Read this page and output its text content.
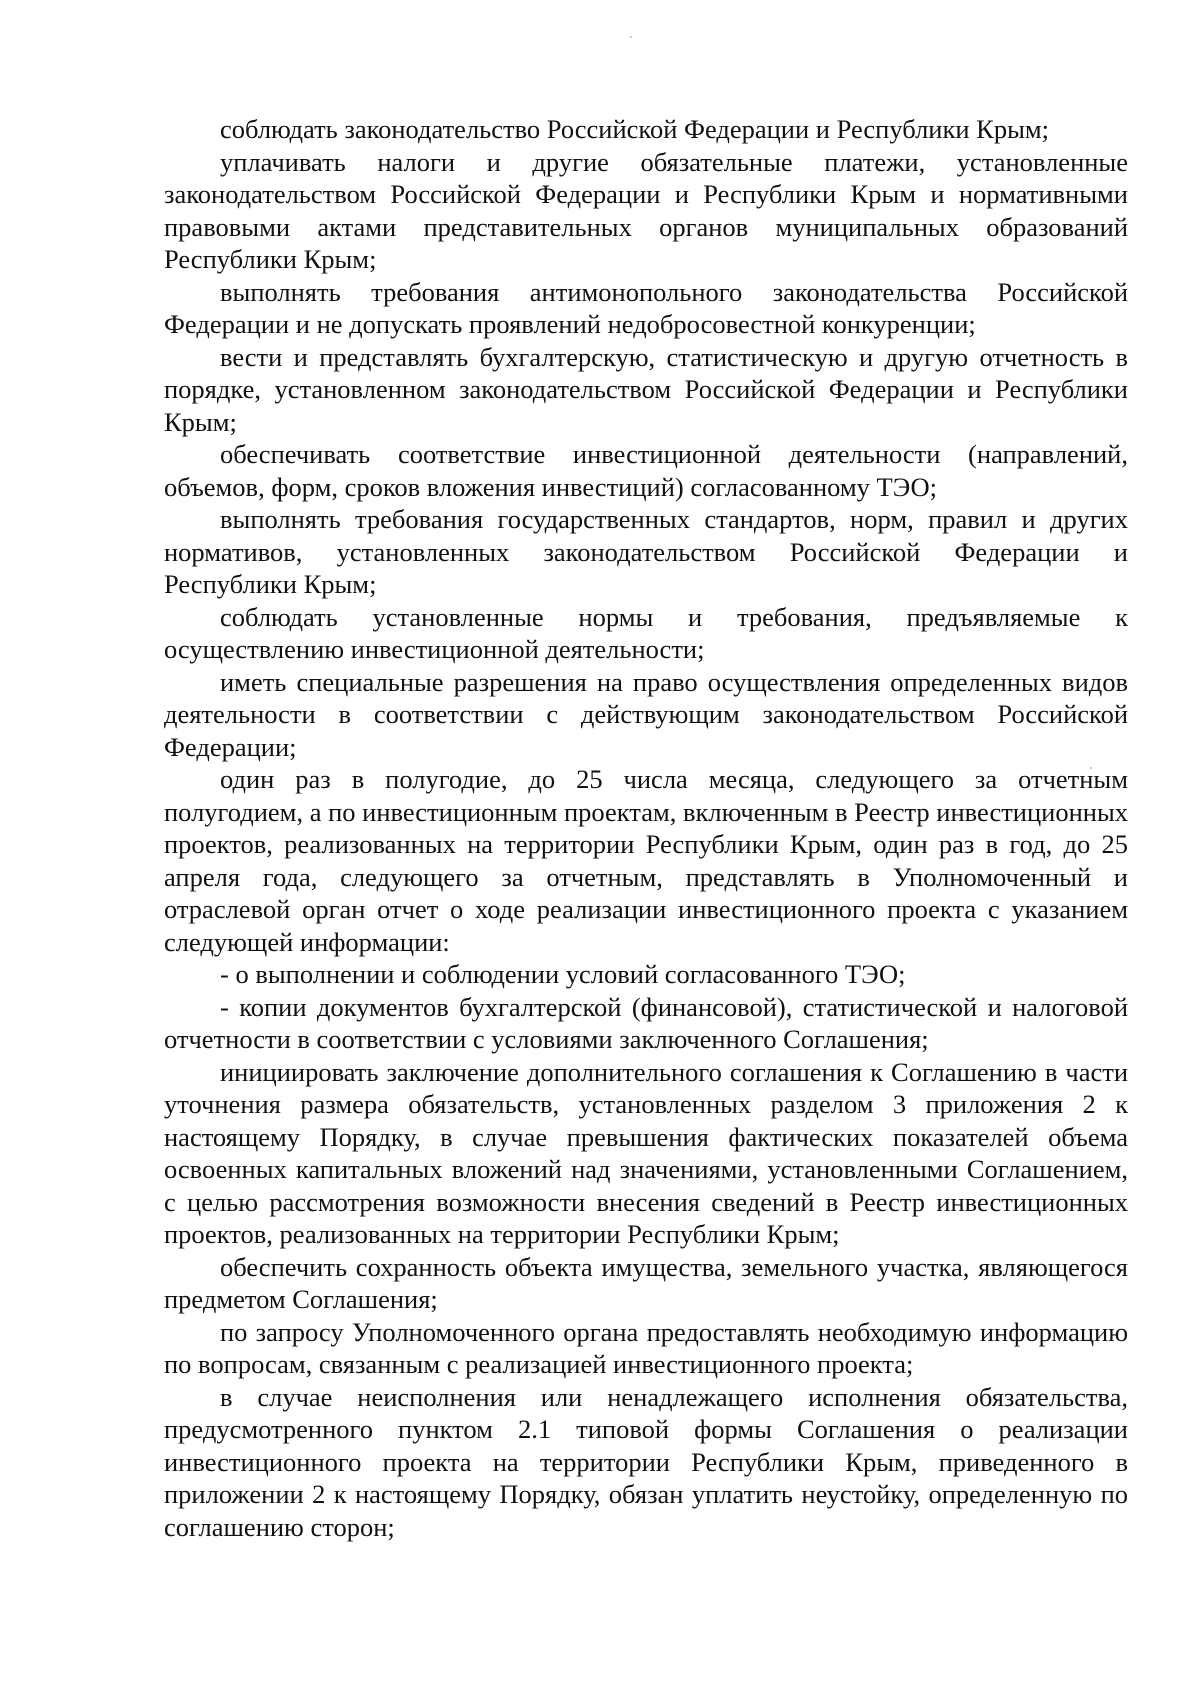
соблюдать законодательство Российской Федерации и Республики Крым;

уплачивать налоги и другие обязательные платежи, установленные законодательством Российской Федерации и Республики Крым и нормативными правовыми актами представительных органов муниципальных образований Республики Крым;

выполнять требования антимонопольного законодательства Российской Федерации и не допускать проявлений недобросовестной конкуренции;

вести и представлять бухгалтерскую, статистическую и другую отчетность в порядке, установленном законодательством Российской Федерации и Республики Крым;

обеспечивать соответствие инвестиционной деятельности (направлений, объемов, форм, сроков вложения инвестиций) согласованному ТЭО;

выполнять требования государственных стандартов, норм, правил и других нормативов, установленных законодательством Российской Федерации и Республики Крым;

соблюдать установленные нормы и требования, предъявляемые к осуществлению инвестиционной деятельности;

иметь специальные разрешения на право осуществления определенных видов деятельности в соответствии с действующим законодательством Российской Федерации;

один раз в полугодие, до 25 числа месяца, следующего за отчетным полугодием, а по инвестиционным проектам, включенным в Реестр инвестиционных проектов, реализованных на территории Республики Крым, один раз в год, до 25 апреля года, следующего за отчетным, представлять в Уполномоченный и отраслевой орган отчет о ходе реализации инвестиционного проекта с указанием следующей информации:

- о выполнении и соблюдении условий согласованного ТЭО;

- копии документов бухгалтерской (финансовой), статистической и налоговой отчетности в соответствии с условиями заключенного Соглашения;

инициировать заключение дополнительного соглашения к Соглашению в части уточнения размера обязательств, установленных разделом 3 приложения 2 к настоящему Порядку, в случае превышения фактических показателей объема освоенных капитальных вложений над значениями, установленными Соглашением, с целью рассмотрения возможности внесения сведений в Реестр инвестиционных проектов, реализованных на территории Республики Крым;

обеспечить сохранность объекта имущества, земельного участка, являющегося предметом Соглашения;

по запросу Уполномоченного органа предоставлять необходимую информацию по вопросам, связанным с реализацией инвестиционного проекта;

в случае неисполнения или ненадлежащего исполнения обязательства, предусмотренного пунктом 2.1 типовой формы Соглашения о реализации инвестиционного проекта на территории Республики Крым, приведенного в приложении 2 к настоящему Порядку, обязан уплатить неустойку, определенную по соглашению сторон;
